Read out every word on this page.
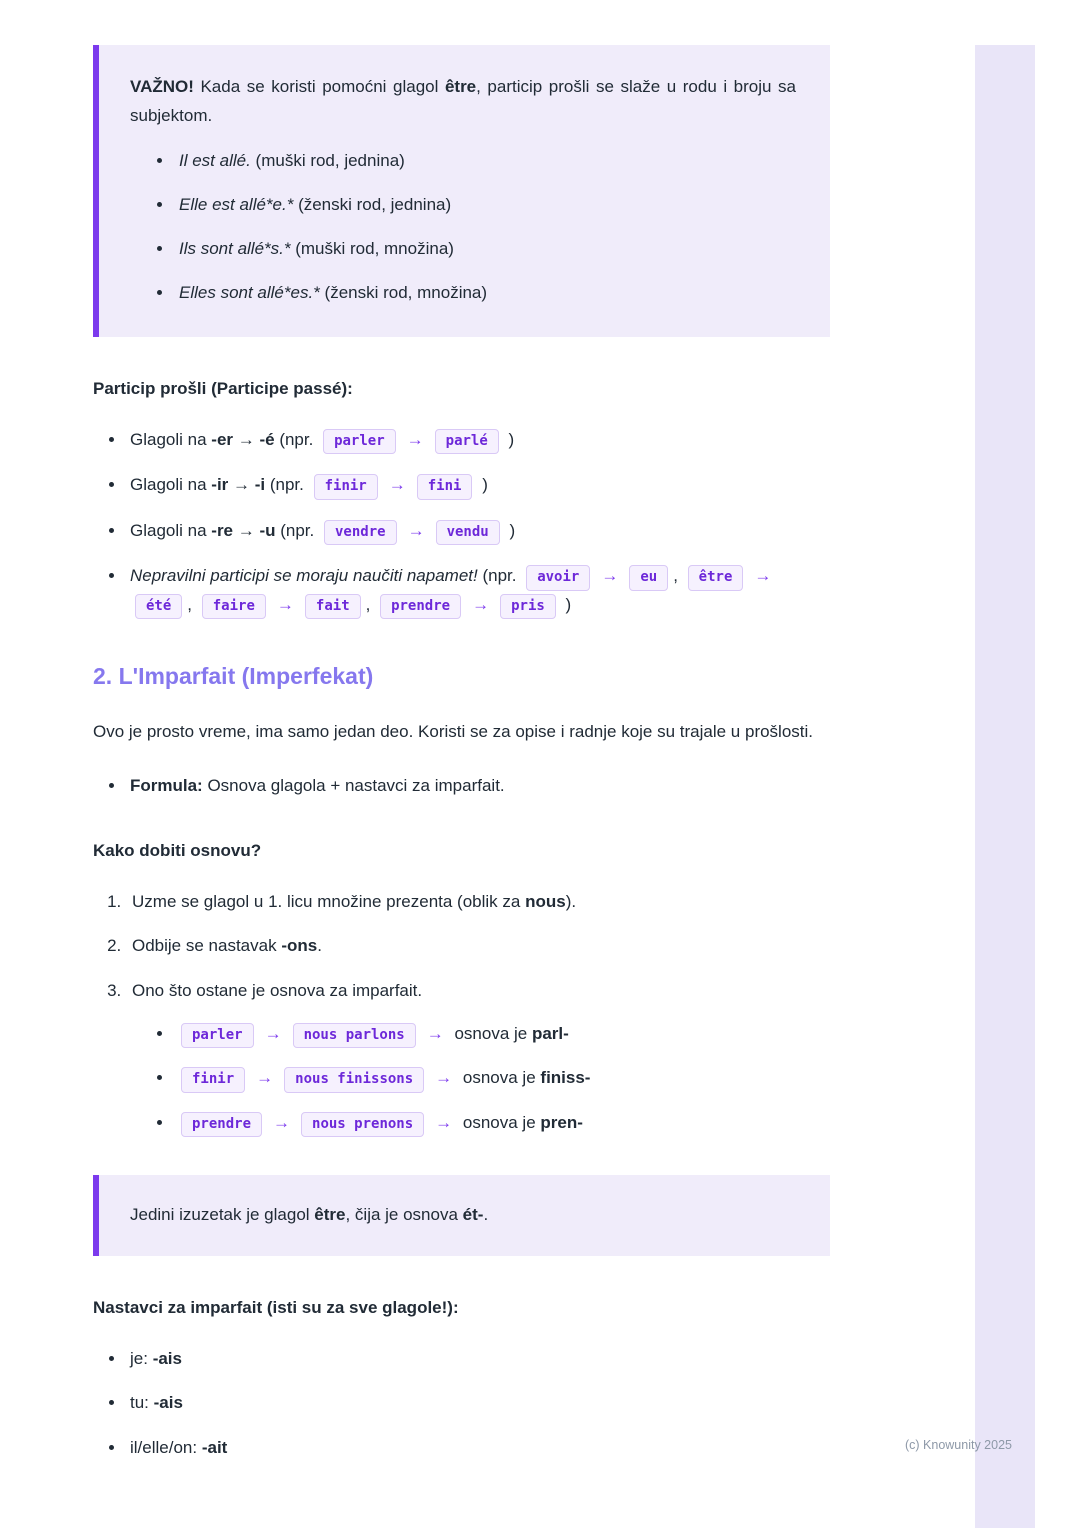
VAŽNO! Kada se koristi pomoćni glagol être, particip prošli se slaže u rodu i broju sa subjektom.

• Il est allé. (muški rod, jednina)
• Elle est allé*e.* (ženski rod, jednina)
• Ils sont allé*s.* (muški rod, množina)
• Elles sont allé*es.* (ženski rod, množina)
Particip prošli (Participe passé):
• Glagoli na -er → -é (npr. parler → parlé )
• Glagoli na -ir → -i (npr. finir → fini )
• Glagoli na -re → -u (npr. vendre → vendu )
• Nepravilni participi se moraju naučiti napamet! (npr. avoir → eu , être →été , faire → fait , prendre → pris )
2. L'Imparfait (Imperfekat)

Ovo je prosto vreme, ima samo jedan deo. Koristi se za opise i radnje koje su trajale u prošlosti.

• Formula: Osnova glagola + nastavci za imparfait.
Kako dobiti osnovu?
1. Uzme se glagol u 1. licu množine prezenta (oblik za nous).
2. Odbije se nastavak -ons.
3. Ono što ostane je osnova za imparfait.
• parler → nous parlons → osnova je parl-
• finir → nous finissons → osnova je finiss-
• prendre → nous prenons → osnova je pren-

Jedini izuzetak je glagol être, čija je osnova ét-.

Nastavci za imparfait (isti su za sve glagole!):
• je: -ais
• tu: -ais
• il/elle/on: -ait	(c) Knowunity 2025
